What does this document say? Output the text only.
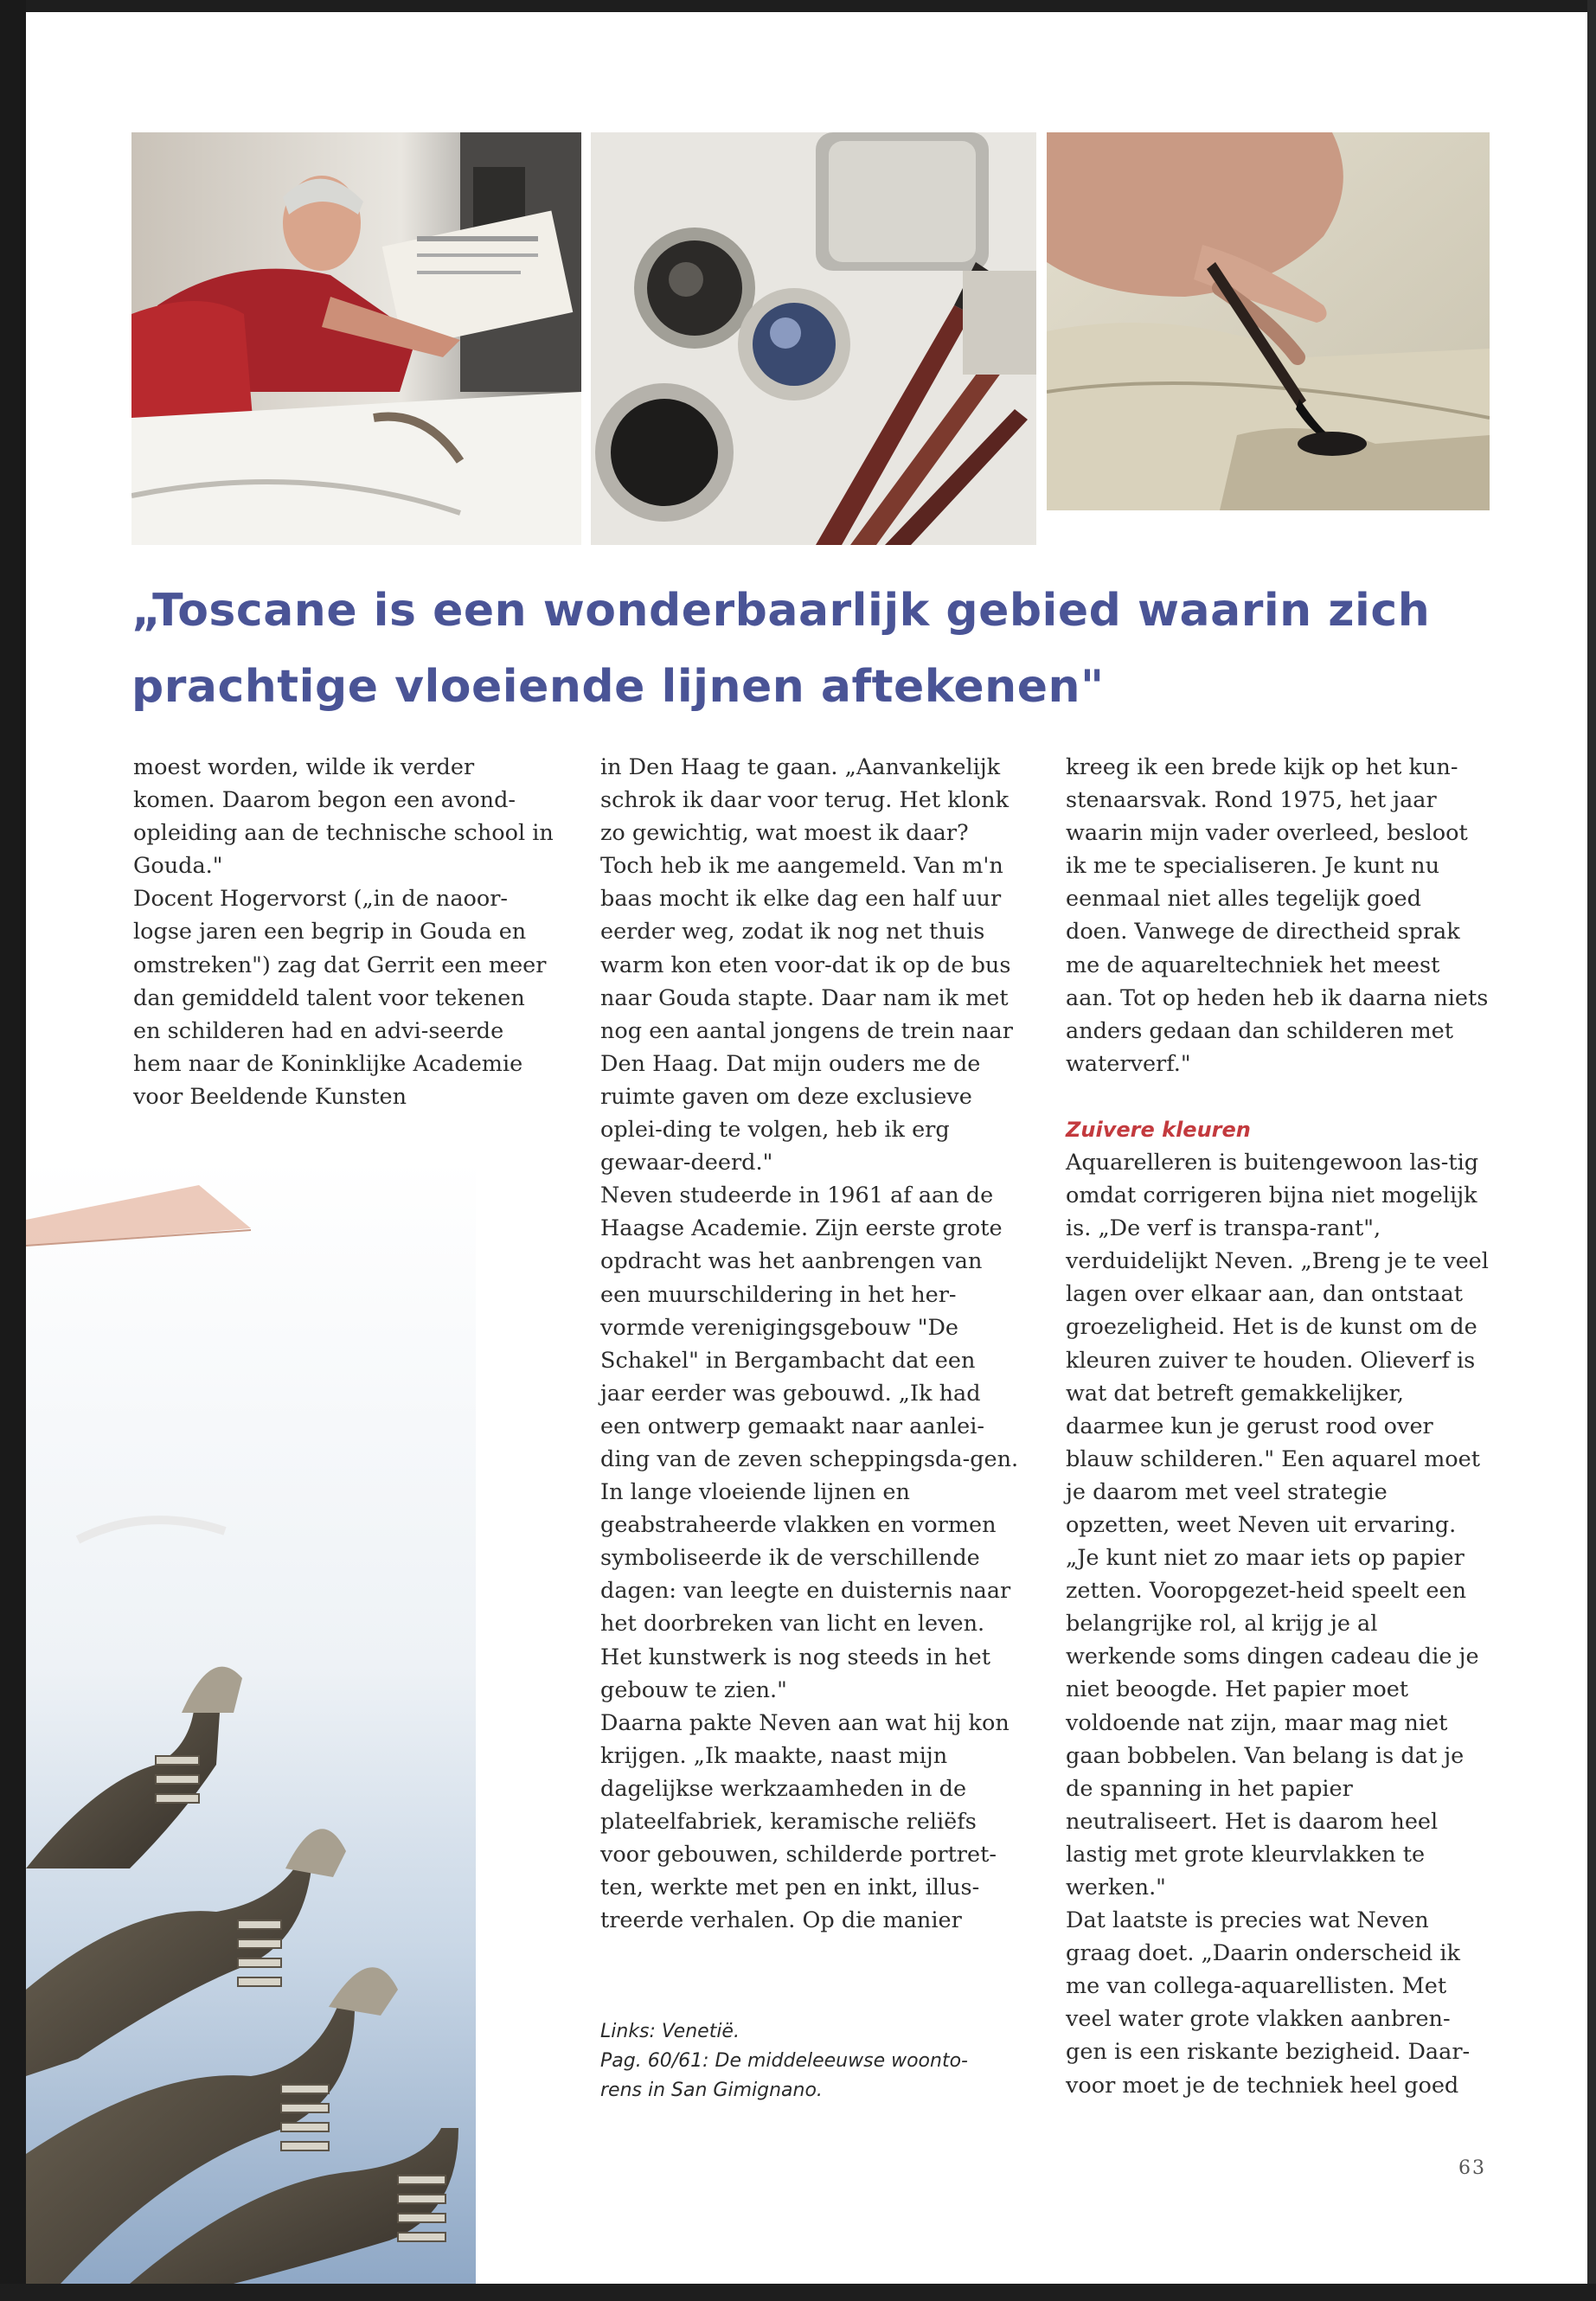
„Toscane is een wonderbaarlijk gebied waarin zich
prachtige vloeiende lijnen aftekenen"

moest worden, wilde ik verder komen. Daarom begon een avond-opleiding aan de technische school in Gouda."

Docent Hogervorst („in de naoor-logse jaren een begrip in Gouda en omstreken") zag dat Gerrit een meer dan gemiddeld talent voor tekenen en schilderen had en advi-seerde hem naar de Koninklijke Academie voor Beeldende Kunsten

in Den Haag te gaan. „Aanvankelijk schrok ik daar voor terug. Het klonk zo gewichtig, wat moest ik daar? Toch heb ik me aangemeld. Van m'n baas mocht ik elke dag een half uur eerder weg, zodat ik nog net thuis warm kon eten voor-dat ik op de bus naar Gouda stapte. Daar nam ik met nog een aantal jongens de trein naar Den Haag. Dat mijn ouders me de ruimte gaven om deze exclusieve oplei-ding te volgen, heb ik erg gewaar-deerd."

Neven studeerde in 1961 af aan de Haagse Academie. Zijn eerste grote opdracht was het aanbrengen van een muurschildering in het her-vormde verenigingsgebouw "De Schakel" in Bergambacht dat een jaar eerder was gebouwd. „Ik had een ontwerp gemaakt naar aanlei-ding van de zeven scheppingsda-gen. In lange vloeiende lijnen en geabstraheerde vlakken en vormen symboliseerde ik de verschillende dagen: van leegte en duisternis naar het doorbreken van licht en leven. Het kunstwerk is nog steeds in het gebouw te zien."

Daarna pakte Neven aan wat hij kon krijgen. „Ik maakte, naast mijn dagelijkse werkzaamheden in de plateelfabriek, keramische reliëfs voor gebouwen, schilderde portret-ten, werkte met pen en inkt, illus-treerde verhalen. Op die manier

kreeg ik een brede kijk op het kun-stenaarsvak. Rond 1975, het jaar waarin mijn vader overleed, besloot ik me te specialiseren. Je kunt nu eenmaal niet alles tegelijk goed doen. Vanwege de directheid sprak me de aquareltechniek het meest aan. Tot op heden heb ik daarna niets anders gedaan dan schilderen met waterverf."

Zuivere kleuren

Aquarelleren is buitengewoon las-tig omdat corrigeren bijna niet mogelijk is. „De verf is transpa-rant", verduidelijkt Neven. „Breng je te veel lagen over elkaar aan, dan ontstaat groezeligheid. Het is de kunst om de kleuren zuiver te houden. Olieverf is wat dat betreft gemakkelijker, daarmee kun je gerust rood over blauw schilderen." Een aquarel moet je daarom met veel strategie opzetten, weet Neven uit ervaring. „Je kunt niet zo maar iets op papier zetten. Vooropgezet-heid speelt een belangrijke rol, al krijg je al werkende soms dingen cadeau die je niet beoogde. Het papier moet voldoende nat zijn, maar mag niet gaan bobbelen. Van belang is dat je de spanning in het papier neutraliseert. Het is daarom heel lastig met grote kleurvlakken te werken."

Dat laatste is precies wat Neven graag doet. „Daarin onderscheid ik me van collega-aquarellisten. Met veel water grote vlakken aanbren-gen is een riskante bezigheid. Daar-voor moet je de techniek heel goed

Links: Venetië.

Pag. 60/61: De middeleeuwse woonto-rens in San Gimignano.

63
